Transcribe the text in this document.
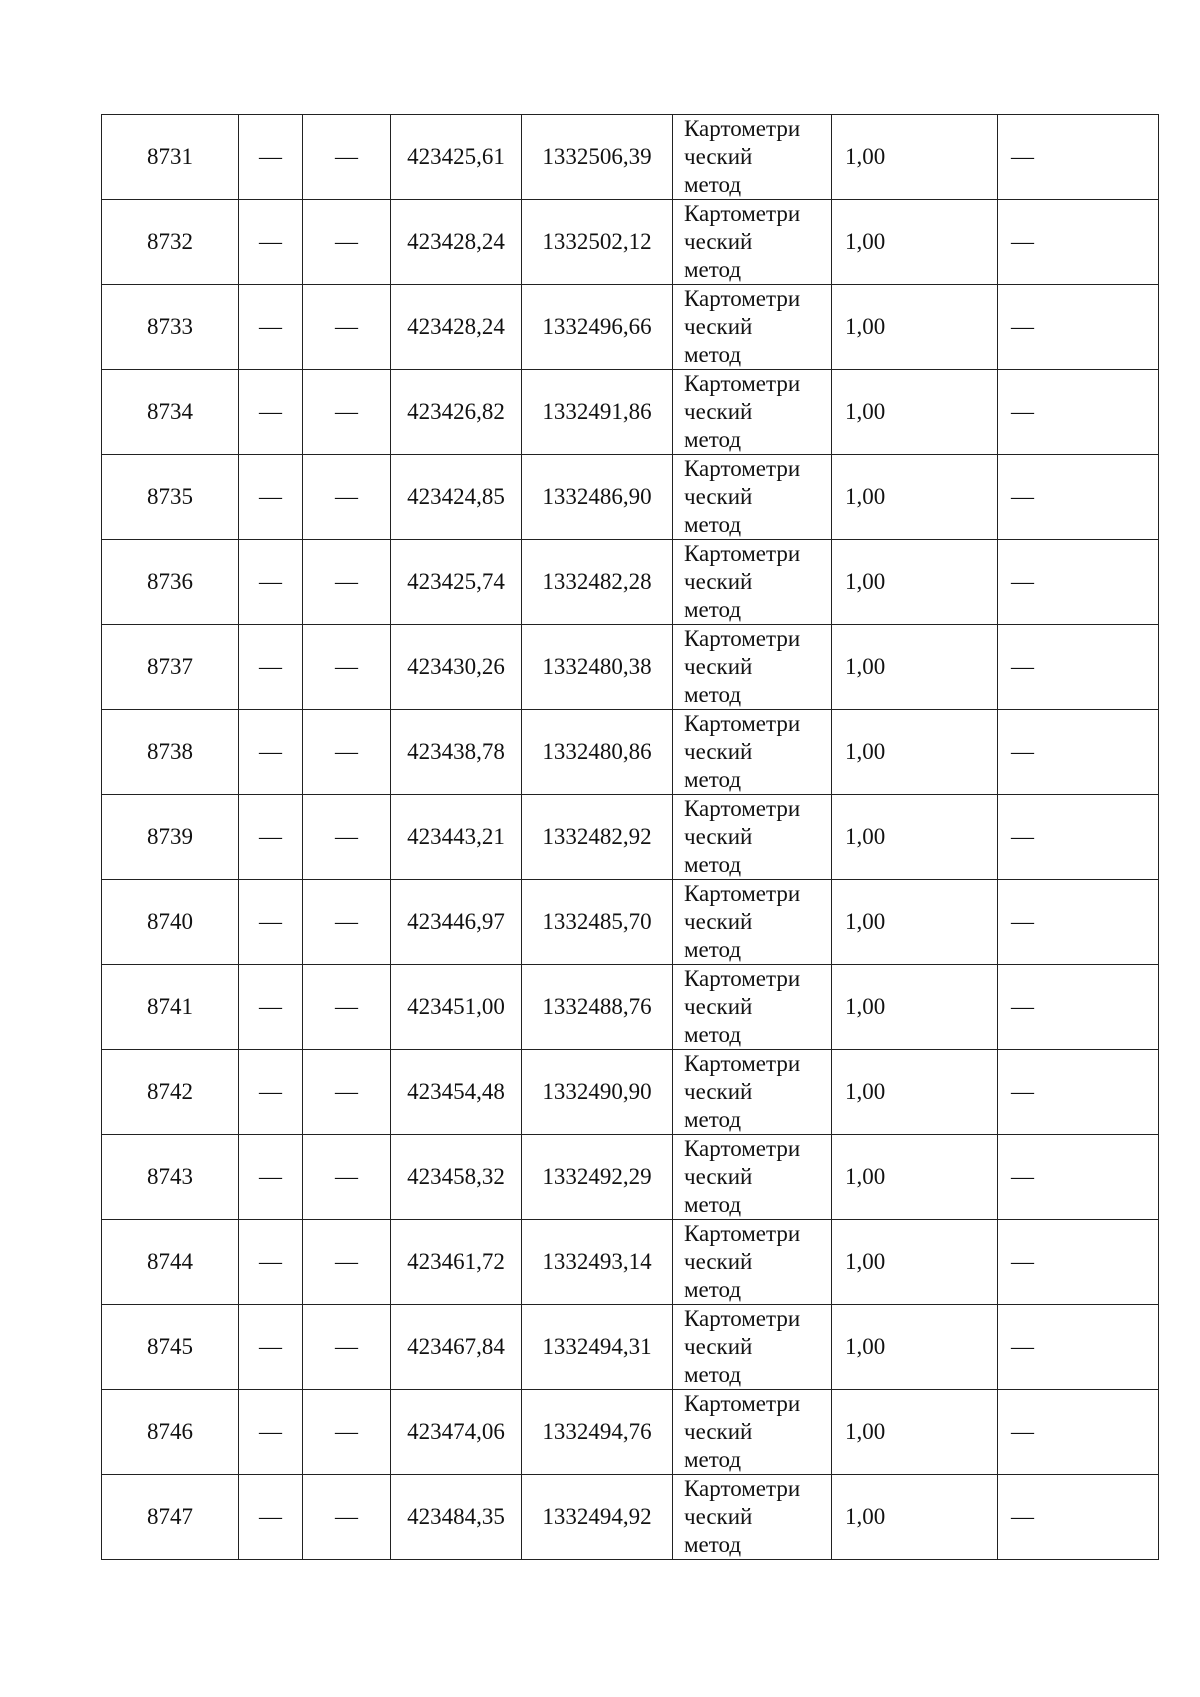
8731	—	—	423425,61	1332506,39	Картометри
ческий
метод	1,00	—
8732	—	—	423428,24	1332502,12	Картометри
ческий
метод	1,00	—
8733	—	—	423428,24	1332496,66	Картометри
ческий
метод	1,00	—
8734	—	—	423426,82	1332491,86	Картометри
ческий
метод	1,00	—
8735	—	—	423424,85	1332486,90	Картометри
ческий
метод	1,00	—
8736	—	—	423425,74	1332482,28	Картометри
ческий
метод	1,00	—
8737	—	—	423430,26	1332480,38	Картометри
ческий
метод	1,00	—
8738	—	—	423438,78	1332480,86	Картометри
ческий
метод	1,00	—
8739	—	—	423443,21	1332482,92	Картометри
ческий
метод	1,00	—
8740	—	—	423446,97	1332485,70	Картометри
ческий
метод	1,00	—
8741	—	—	423451,00	1332488,76	Картометри
ческий
метод	1,00	—
8742	—	—	423454,48	1332490,90	Картометри
ческий
метод	1,00	—
8743	—	—	423458,32	1332492,29	Картометри
ческий
метод	1,00	—
8744	—	—	423461,72	1332493,14	Картометри
ческий
метод	1,00	—
8745	—	—	423467,84	1332494,31	Картометри
ческий
метод	1,00	—
8746	—	—	423474,06	1332494,76	Картометри
ческий
метод	1,00	—
8747	—	—	423484,35	1332494,92	Картометри
ческий
метод	1,00	—
